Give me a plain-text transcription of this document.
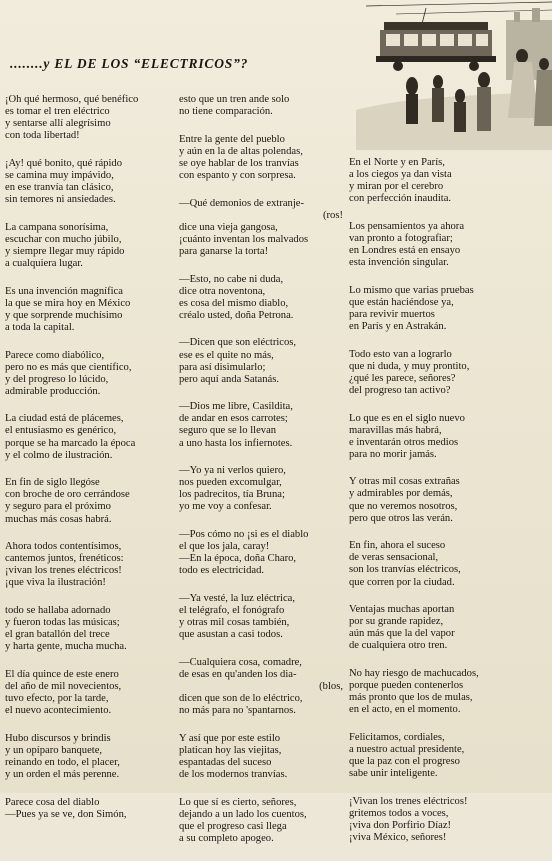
........y EL DE LOS “ELECTRICOS”?
¡Oh qué hermoso, qué benéfico
es tomar el tren eléctrico
y sentarse allí alegrísimo
con toda libertad!
¡Ay! qué bonito, qué rápido
se camina muy impávido,
en ese tranvía tan clásico,
sin temores ni ansiedades.
La campana sonorísima,
escuchar con mucho júbilo,
y siempre llegar muy rápido
a cualquiera lugar.
Es una invención magnífica
la que se mira hoy en México
y que sorprende muchísimo
a toda la capital.
Parece como diabólico,
pero no es más que científico,
y del progreso lo lúcido,
admirable producción.
La ciudad está de plácemes,
el entusiasmo es genérico,
porque se ha marcado la época
y el colmo de ilustración.
En fin de siglo llegóse
con broche de oro cerrándose
y seguro para el próximo
muchas más cosas habrá.
Ahora todos contentísimos,
cantemos juntos, frenéticos:
¡vivan los trenes eléctricos!
¡que viva la ilustración!
todo se hallaba adornado
y fueron todas las músicas;
el gran batallón del trece
y harta gente, mucha mucha.
El día quince de este enero
del año de mil novecientos,
tuvo efecto, por la tarde,
el nuevo acontecimiento.
Hubo discursos y brindis
y un opíparo banquete,
reinando en todo, el placer,
y un orden el más perenne.
Parece cosa del diablo
—Pues ya se ve, don Simón,
esto que un tren ande solo
no tiene comparación.
Entre la gente del pueblo
y aún en la de altas polendas,
se oye hablar de los tranvías
con espanto y con sorpresa.
—Qué demonios de extranje-
(ros!
dice una vieja gangosa,
¡cuánto inventan los malvados
para ganarse la torta!
—Esto, no cabe ni duda,
dice otra noventona,
es cosa del mismo diablo,
créalo usted, doña Petrona.
—Dicen que son eléctricos,
ese es el quite no más,
para así disimularlo;
pero aquí anda Satanás.
—Dios me libre, Casildita,
de andar en esos carrotes;
seguro que se lo llevan
a uno hasta los infiernotes.
—Yo ya ni verlos quiero,
nos pueden excomulgar,
los padrecitos, tía Bruna;
yo me voy a confesar.
—Pos cómo no ¡si es el diablo
el que los jala, caray!
—En la época, doña Charo,
todo es electricidad.
—Ya vesté, la luz eléctrica,
el telégrafo, el fonógrafo
y otras mil cosas también,
que asustan a casi todos.
—Cualquiera cosa, comadre,
de esas en qu'anden los dia-
(blos,
dicen que son de lo eléctrico,
no más para no 'spantarnos.
Y así que por este estilo
platican hoy las viejitas,
espantadas del suceso
de los modernos tranvías.
Lo que sí es cierto, señores,
dejando a un lado los cuentos,
que el progreso casi llega
a su completo apogeo.
En el Norte y en París,
a los ciegos ya dan vista
y miran por el cerebro
con perfección inaudita.
Los pensamientos ya ahora
van pronto a fotografiar;
en Londres está en ensayo
esta invención singular.
Lo mismo que varias pruebas
que están haciéndose ya,
para revivir muertos
en París y en Astrakán.
Todo esto van a lograrlo
que ni duda, y muy prontito,
¿qué les parece, señores?
del progreso tan activo?
Lo que es en el siglo nuevo
maravillas más habrá,
e inventarán otros medios
para no morir jamás.
Y otras mil cosas extrañas
y admirables por demás,
que no veremos nosotros,
pero que otros las verán.
En fin, ahora el suceso
de veras sensacional,
son los tranvías eléctricos,
que corren por la ciudad.
Ventajas muchas aportan
por su grande rapidez,
aún más que la del vapor
de cualquiera otro tren.
No hay riesgo de machucados,
porque pueden contenerlos
más pronto que los de mulas,
en el acto, en el momento.
Felicitamos, cordiales,
a nuestro actual presidente,
que la paz con el progreso
sabe unir inteligente.
¡Vivan los trenes eléctricos!
gritemos todos a voces,
¡viva don Porfirio Díaz!
¡viva México, señores!
